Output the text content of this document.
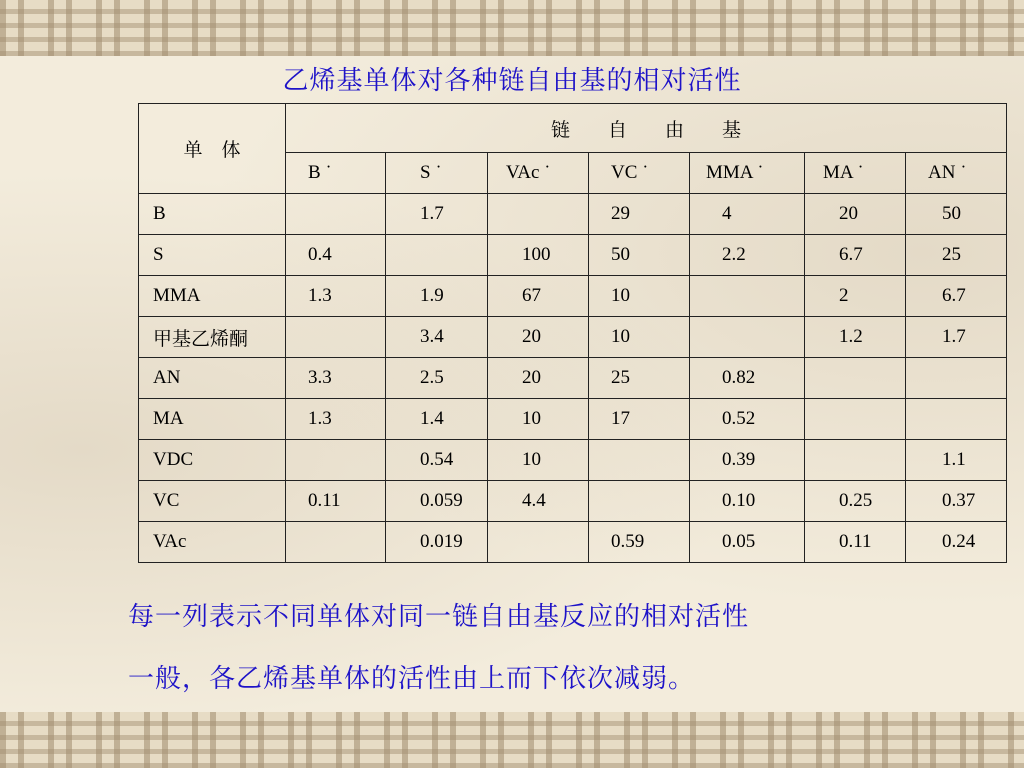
乙烯基单体对各种链自由基的相对活性
单　体	链　　自　　由　　基						
	B ˙	S ˙	VAc ˙	VC ˙	MMA ˙	MA ˙	AN ˙
B		1.7		29	4	20	50
S	0.4		100	50	2.2	6.7	25
MMA	1.3	1.9	67	10		2	6.7
甲基乙烯酮		3.4	20	10		1.2	1.7
AN	3.3	2.5	20	25	0.82		
MA	1.3	1.4	10	17	0.52		
VDC		0.54	10		0.39		1.1
VC	0.11	0.059	4.4		0.10	0.25	0.37
VAc		0.019		0.59	0.05	0.11	0.24
每一列表示不同单体对同一链自由基反应的相对活性
一般，各乙烯基单体的活性由上而下依次减弱。
